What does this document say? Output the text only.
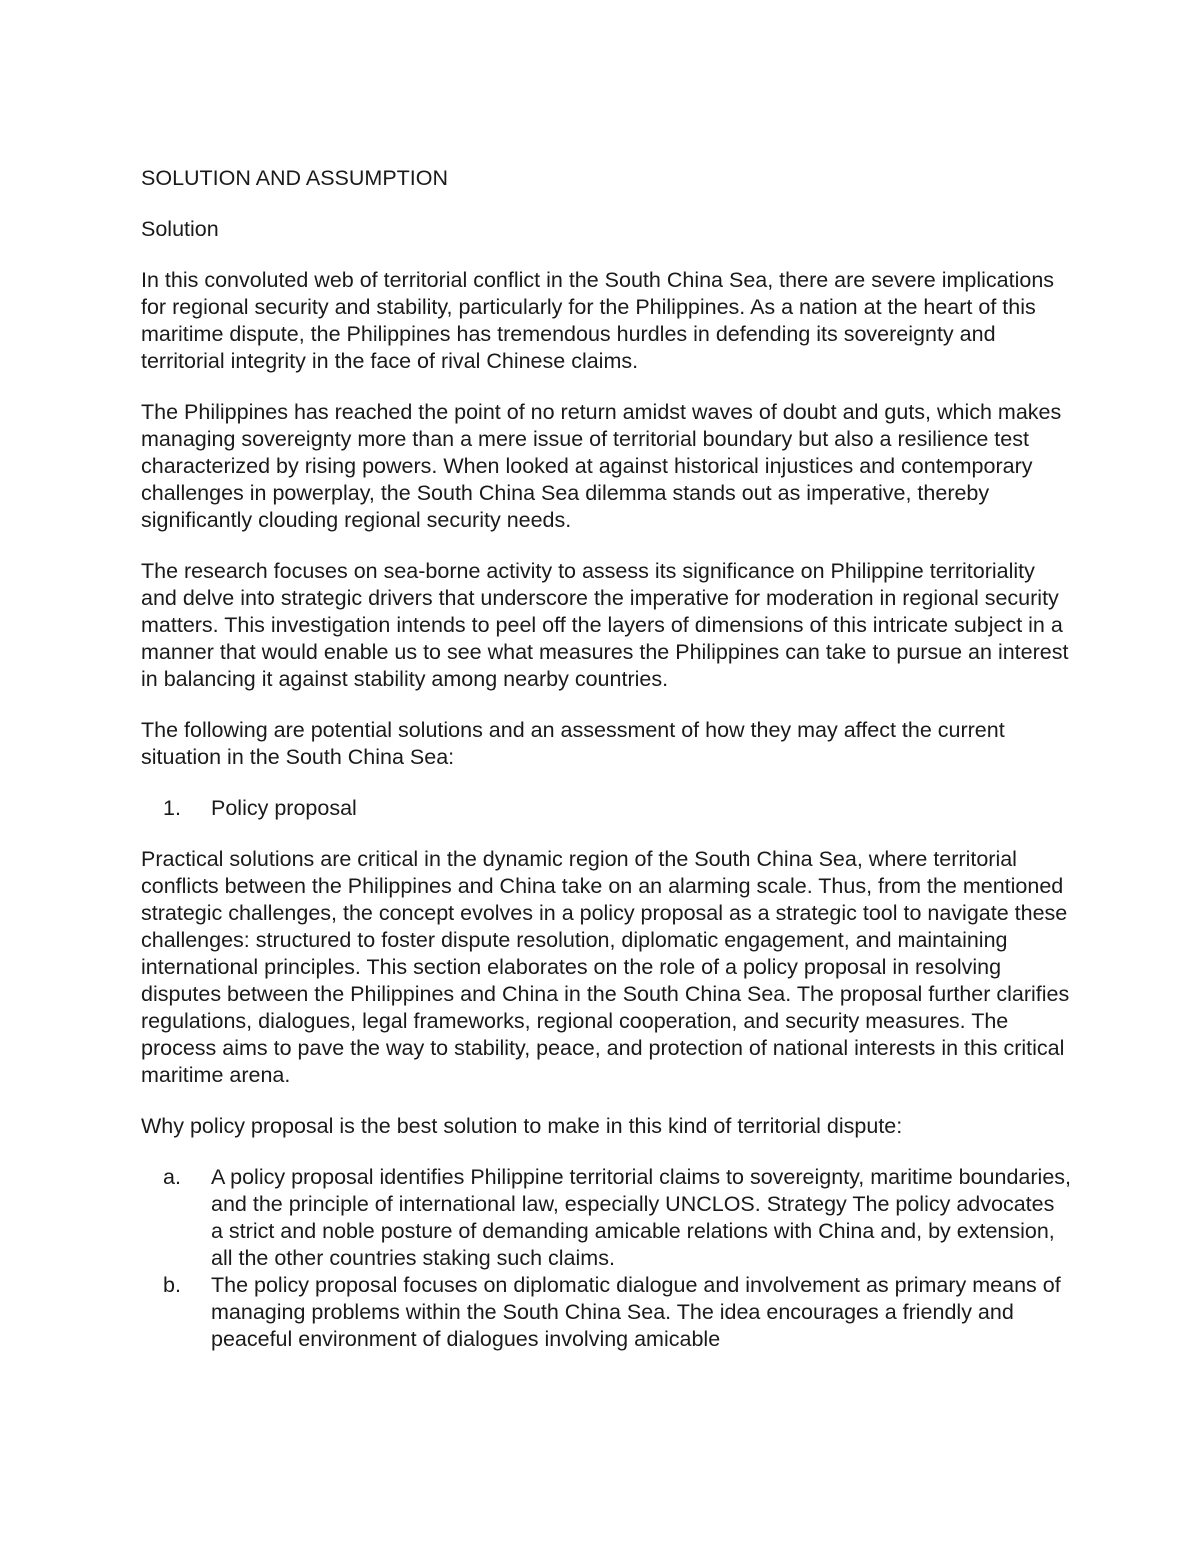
SOLUTION AND ASSUMPTION

Solution

In this convoluted web of territorial conflict in the South China Sea, there are severe implications for regional security and stability, particularly for the Philippines. As a nation at the heart of this maritime dispute, the Philippines has tremendous hurdles in defending its sovereignty and territorial integrity in the face of rival Chinese claims.

The Philippines has reached the point of no return amidst waves of doubt and guts, which makes managing sovereignty more than a mere issue of territorial boundary but also a resilience test characterized by rising powers. When looked at against historical injustices and contemporary challenges in powerplay, the South China Sea dilemma stands out as imperative, thereby significantly clouding regional security needs.

The research focuses on sea-borne activity to assess its significance on Philippine territoriality and delve into strategic drivers that underscore the imperative for moderation in regional security matters. This investigation intends to peel off the layers of dimensions of this intricate subject in a manner that would enable us to see what measures the Philippines can take to pursue an interest in balancing it against stability among nearby countries.

The following are potential solutions and an assessment of how they may affect the current situation in the South China Sea:

1. Policy proposal

Practical solutions are critical in the dynamic region of the South China Sea, where territorial conflicts between the Philippines and China take on an alarming scale. Thus, from the mentioned strategic challenges, the concept evolves in a policy proposal as a strategic tool to navigate these challenges: structured to foster dispute resolution, diplomatic engagement, and maintaining international principles. This section elaborates on the role of a policy proposal in resolving disputes between the Philippines and China in the South China Sea. The proposal further clarifies regulations, dialogues, legal frameworks, regional cooperation, and security measures. The process aims to pave the way to stability, peace, and protection of national interests in this critical maritime arena.

Why policy proposal is the best solution to make in this kind of territorial dispute:

a. A policy proposal identifies Philippine territorial claims to sovereignty, maritime boundaries, and the principle of international law, especially UNCLOS. Strategy The policy advocates a strict and noble posture of demanding amicable relations with China and, by extension, all the other countries staking such claims.
b. The policy proposal focuses on diplomatic dialogue and involvement as primary means of managing problems within the South China Sea. The idea encourages a friendly and peaceful environment of dialogues involving amicable
